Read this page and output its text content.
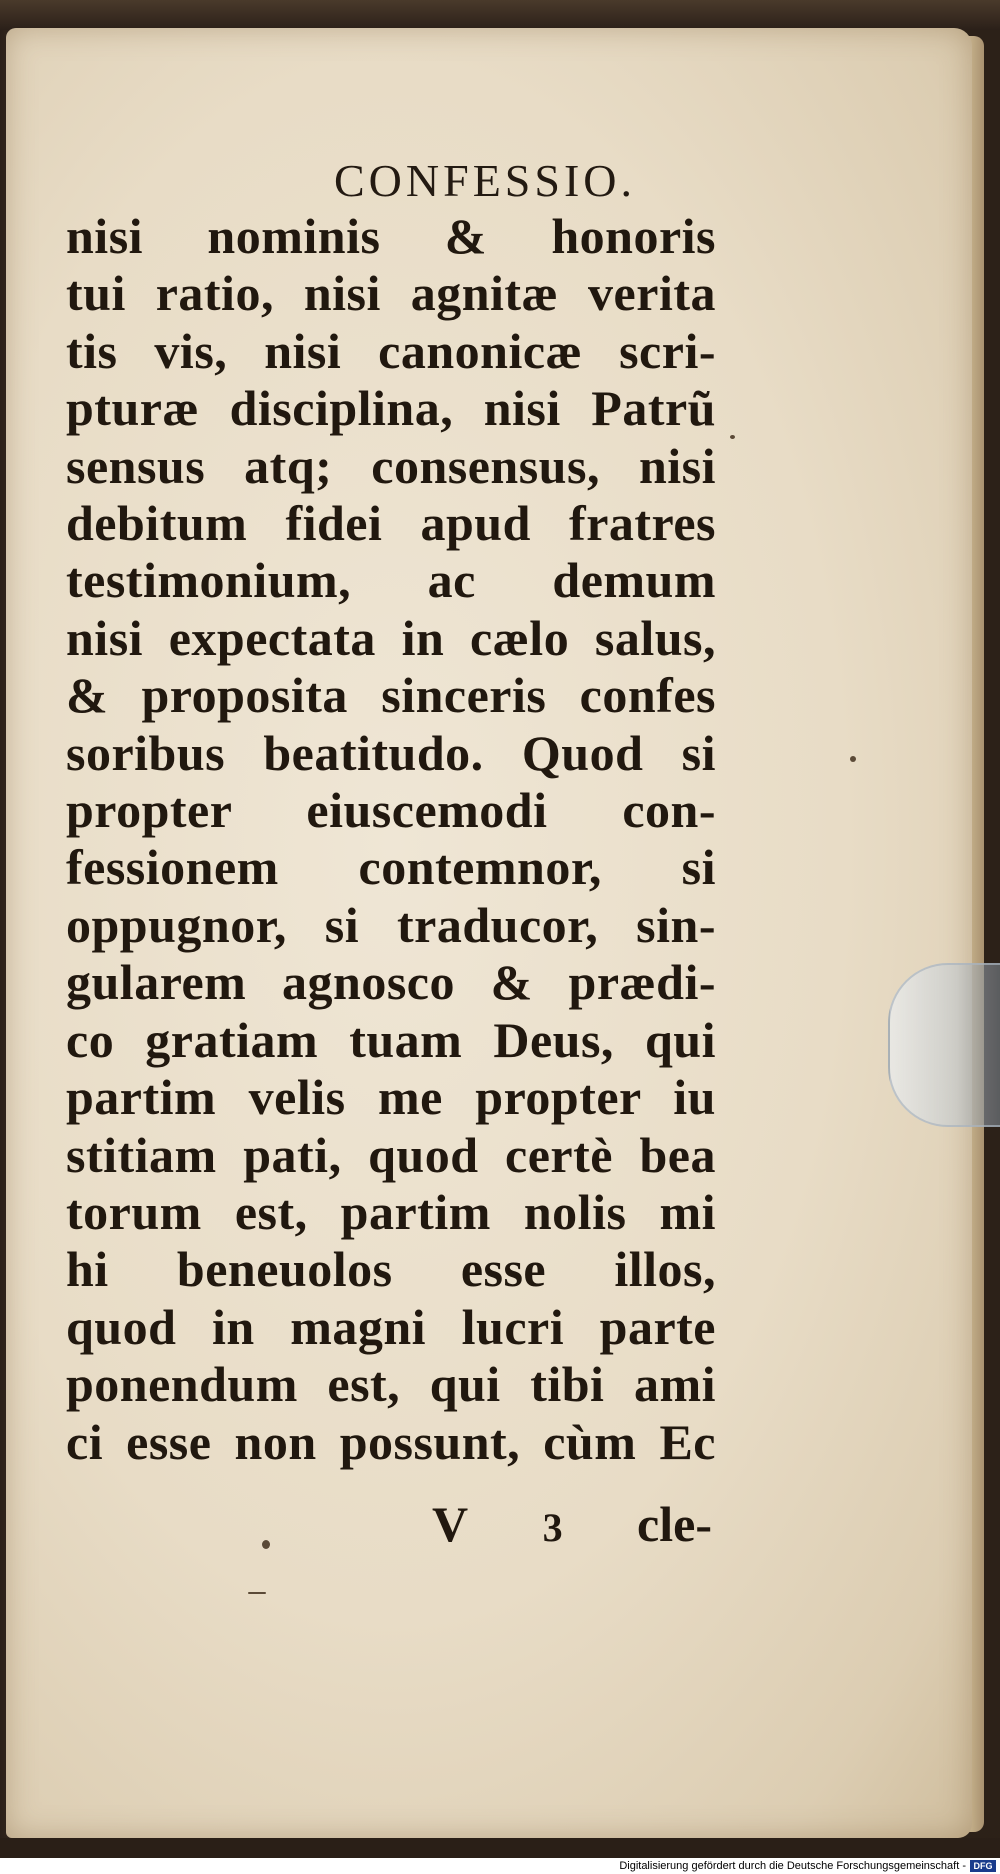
CONFESSIO.
nisi nominis & honoris
tui ratio, nisi agnitæ verita
tis vis, nisi canonicæ scri-
pturæ disciplina, nisi Patrũ
sensus atq; consensus, nisi
debitum fidei apud fratres
testimonium, ac demum
nisi expectata in cælo salus,
& proposita sinceris confes
soribus beatitudo. Quod si
propter eiuscemodi con-
fessionem contemnor, si
oppugnor, si traducor, sin-
gularem agnosco & prædi-
co gratiam tuam Deus, qui
partim velis me propter iu
stitiam pati, quod certè bea
torum est, partim nolis mi
hi beneuolos esse illos,
quod in magni lucri parte
ponendum est, qui tibi ami
ci esse non possunt, cùm Ec
V 3 cle-
Digitalisierung gefördert durch die Deutsche Forschungsgemeinschaft - DFG
